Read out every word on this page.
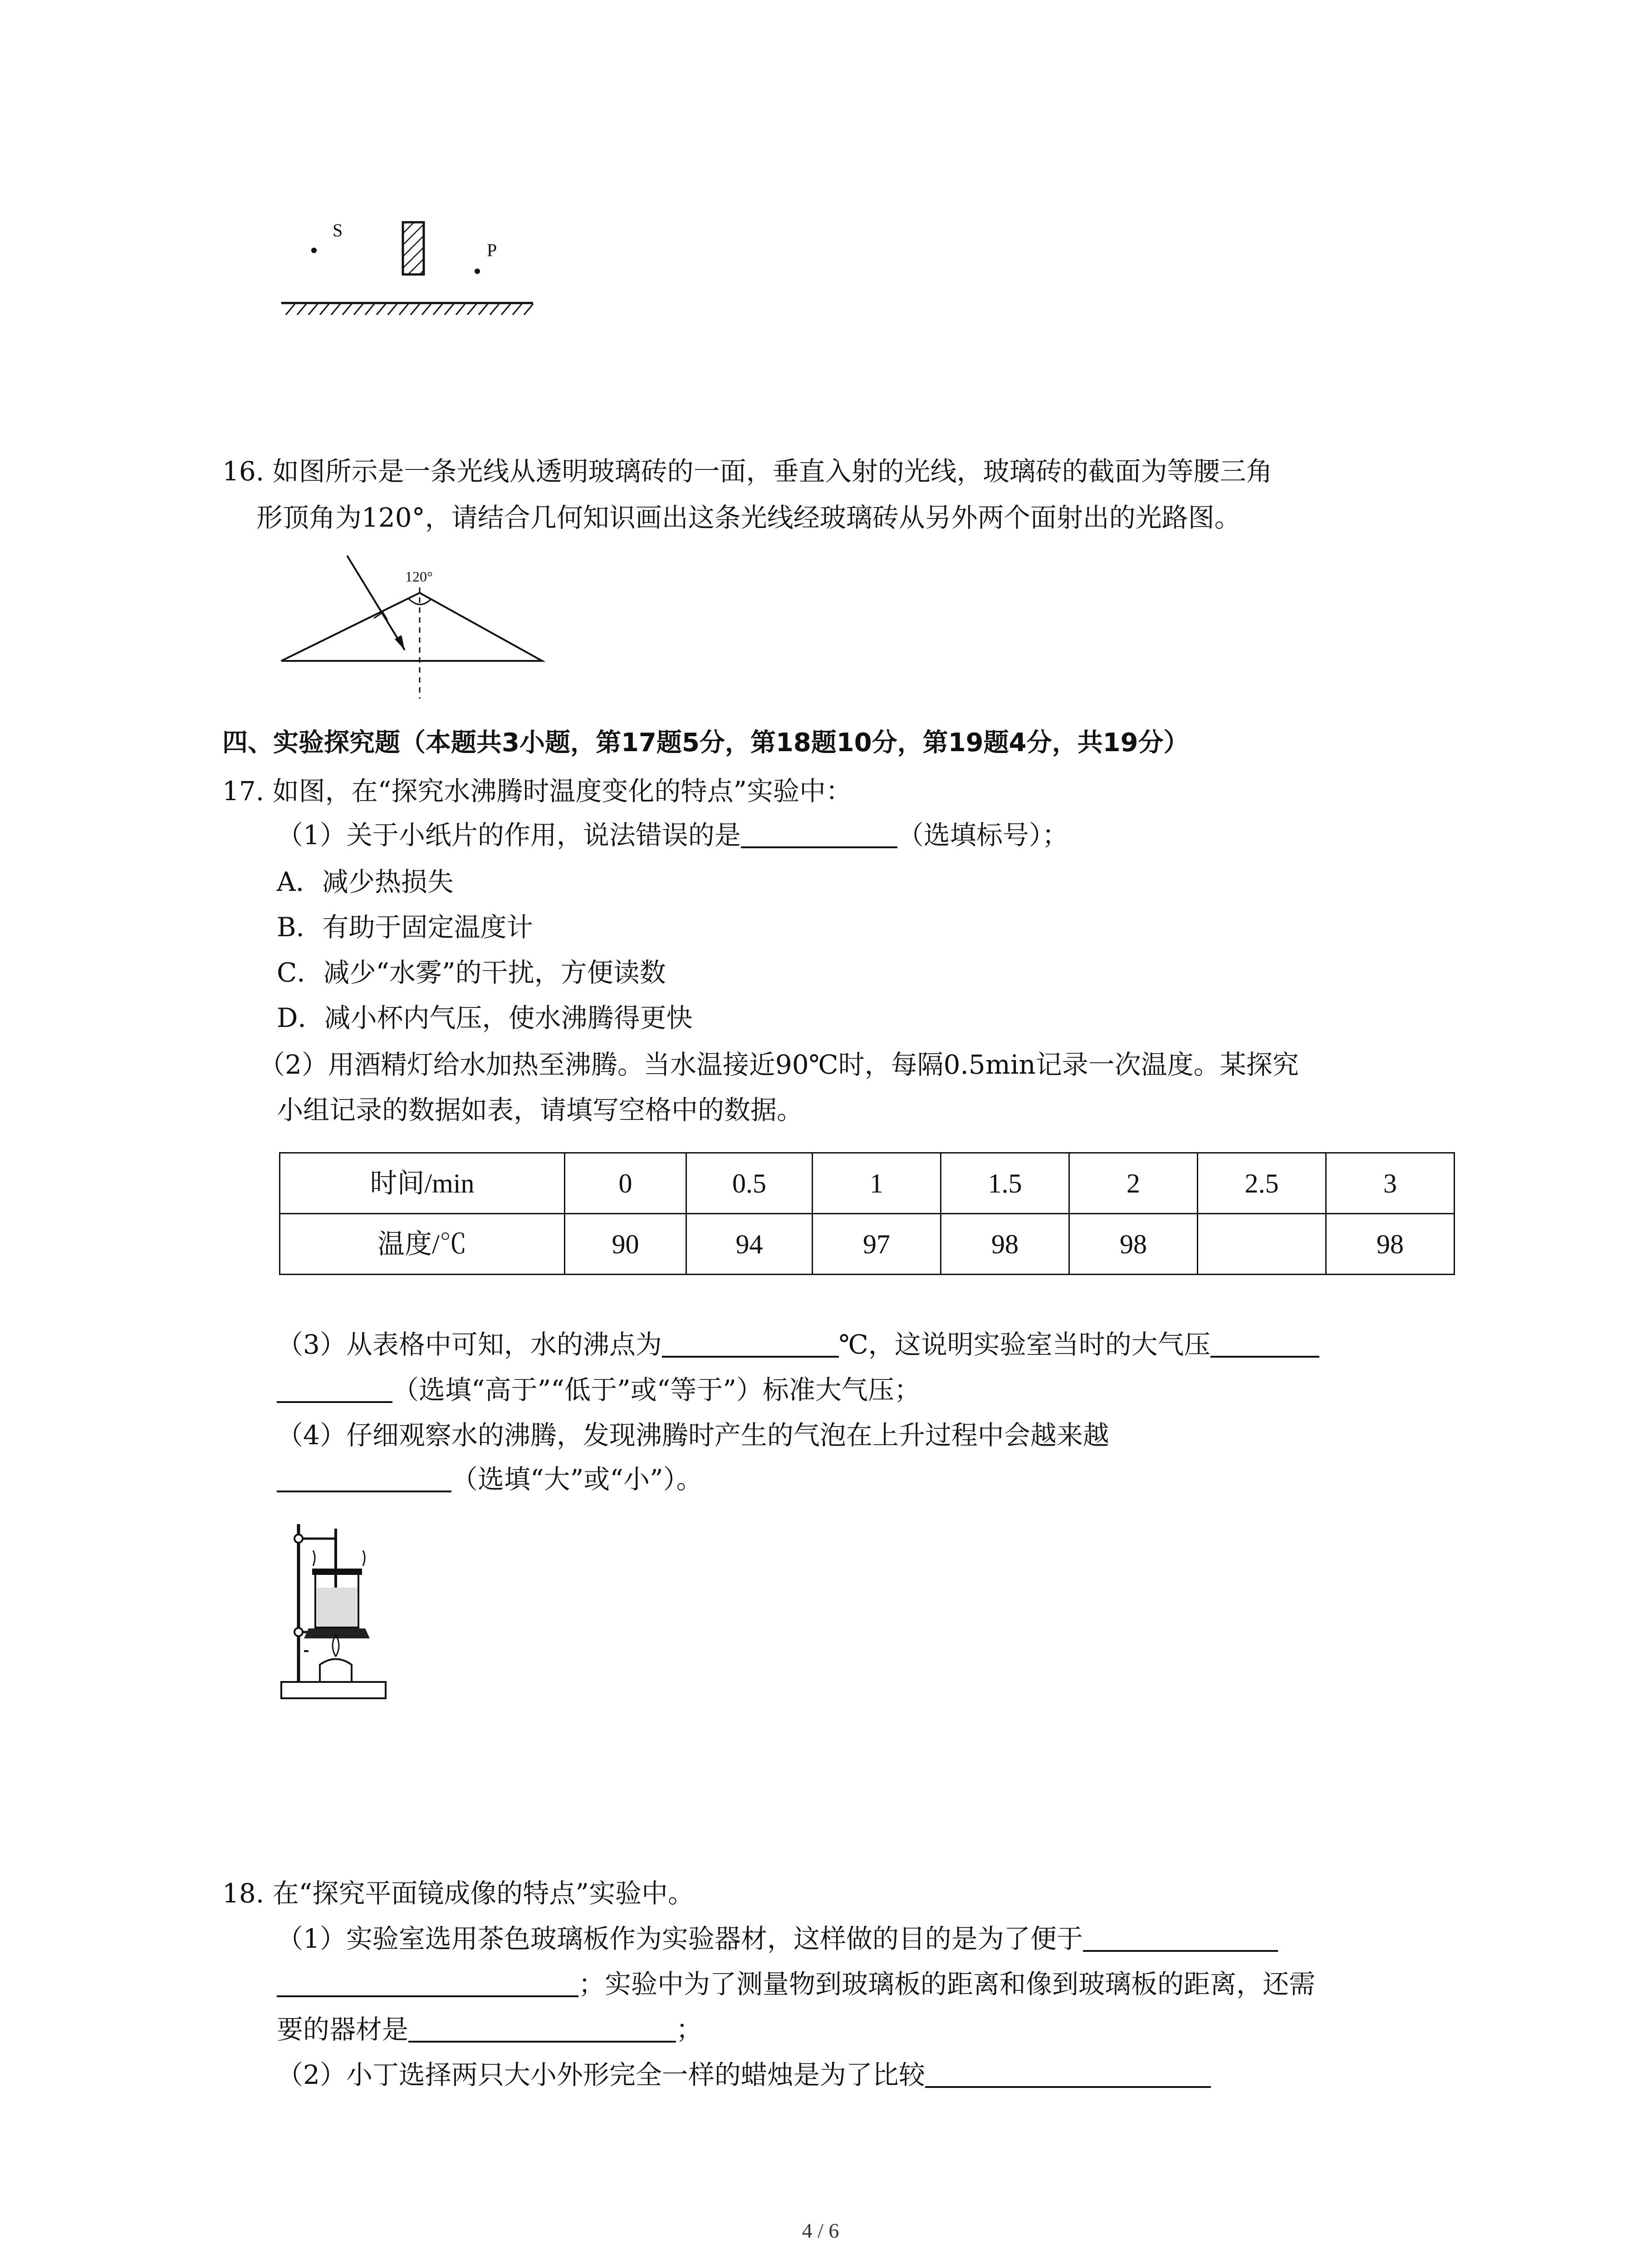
S
P
16. 如图所示是一条光线从透明玻璃砖的一面，垂直入射的光线，玻璃砖的截面为等腰三角
形顶角为120°，请结合几何知识画出这条光线经玻璃砖从另外两个面射出的光路图。
120°
四、实验探究题（本题共3小题，第17题5分，第18题10分，第19题4分，共19分）
17. 如图，在“探究水沸腾时温度变化的特点”实验中：
（1）关于小纸片的作用，说法错误的是	（选填标号）；
A．减少热损失
B．有助于固定温度计
C．减少“水雾”的干扰，方便读数
D．减小杯内气压，使水沸腾得更快
（2）用酒精灯给水加热至沸腾。当水温接近90℃时，每隔0.5min记录一次温度。某探究
小组记录的数据如表，请填写空格中的数据。
时间/min	0	0.5	1	1.5	2	2.5	3
温度/℃	90	94	97	98	98		98
（3）从表格中可知，水的沸点为	℃，这说明实验室当时的大气压
（选填“高于”“低于”或“等于”）标准大气压；
（4）仔细观察水的沸腾，发现沸腾时产生的气泡在上升过程中会越来越
（选填“大”或“小”）。
18. 在“探究平面镜成像的特点”实验中。
（1）实验室选用茶色玻璃板作为实验器材，这样做的目的是为了便于
；实验中为了测量物到玻璃板的距离和像到玻璃板的距离，还需
要的器材是	；
（2）小丁选择两只大小外形完全一样的蜡烛是为了比较
4 / 6
